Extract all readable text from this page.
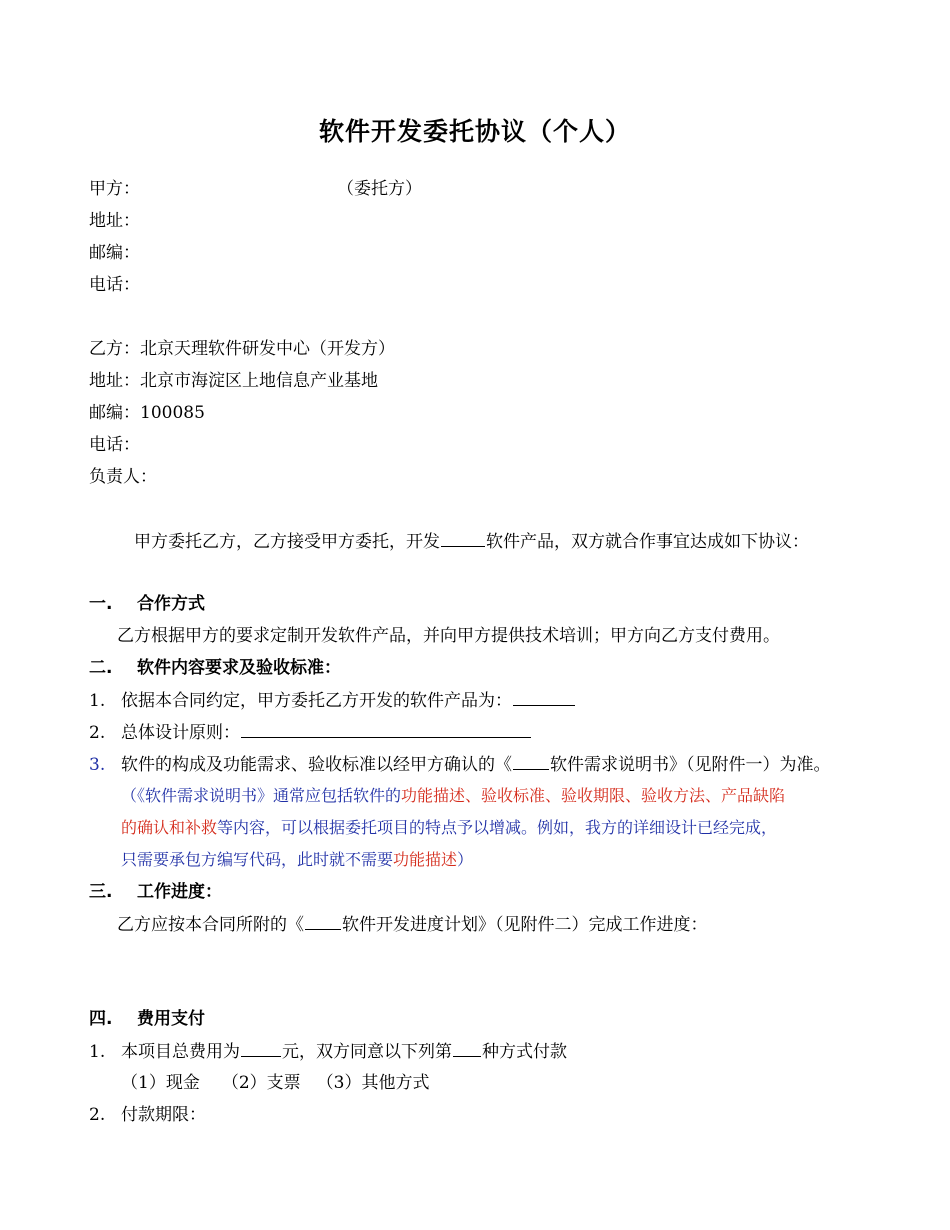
软件开发委托协议（个人）
甲方：	（委托方）
地址：
邮编：
电话：
乙方：北京天理软件研发中心（开发方）
地址：北京市海淀区上地信息产业基地
邮编：100085
电话：
负责人：
甲方委托乙方，乙方接受甲方委托，开发	软件产品，双方就合作事宜达成如下协议：
一. 合作方式
乙方根据甲方的要求定制开发软件产品，并向甲方提供技术培训；甲方向乙方支付费用。
二. 软件内容要求及验收标准：
1. 依据本合同约定，甲方委托乙方开发的软件产品为：
2. 总体设计原则：
3. 软件的构成及功能需求、验收标准以经甲方确认的《 软件需求说明书》（见附件一）为准。
（《软件需求说明书》通常应包括软件的功能描述、验收标准、验收期限、验收方法、产品缺陷
的确认和补救等内容，可以根据委托项目的特点予以增减。例如，我方的详细设计已经完成，
只需要承包方编写代码，此时就不需要功能描述）
三. 工作进度：
乙方应按本合同所附的《 软件开发进度计划》（见附件二）完成工作进度：
四. 费用支付
1. 本项目总费用为 元，双方同意以下列第 种方式付款
（1）现金 （2）支票 （3）其他方式
2. 付款期限：
